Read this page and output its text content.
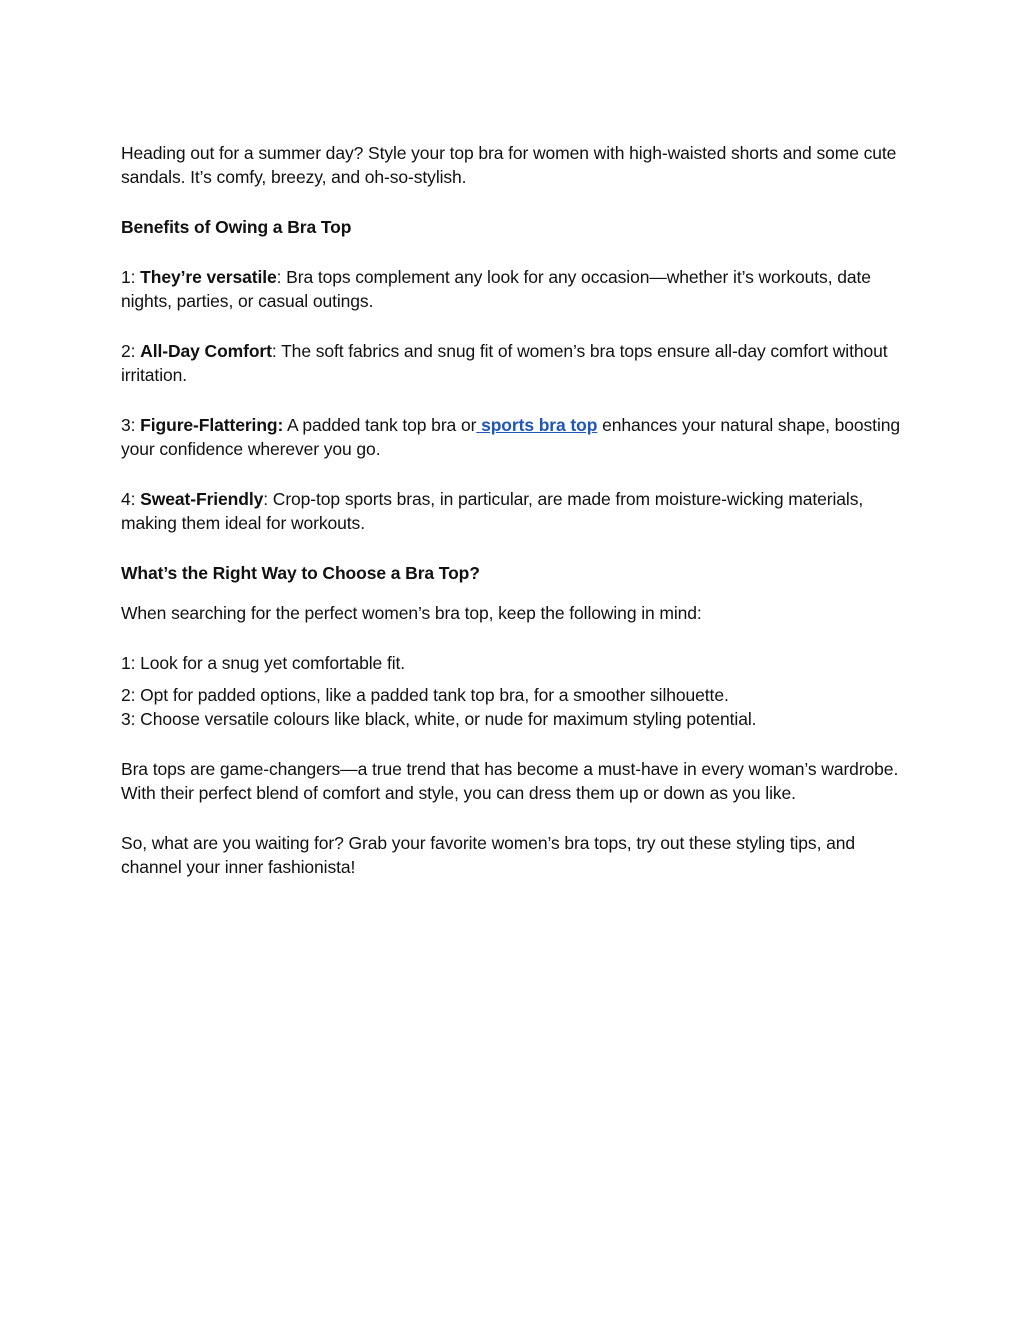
Heading out for a summer day? Style your top bra for women with high-waisted shorts and some cute sandals. It’s comfy, breezy, and oh-so-stylish.

Benefits of Owing a Bra Top

1: They’re versatile: Bra tops complement any look for any occasion—whether it’s workouts, date nights, parties, or casual outings.

2: All-Day Comfort: The soft fabrics and snug fit of women’s bra tops ensure all-day comfort without irritation.

3: Figure-Flattering: A padded tank top bra or sports bra top enhances your natural shape, boosting your confidence wherever you go.

4: Sweat-Friendly: Crop-top sports bras, in particular, are made from moisture-wicking materials, making them ideal for workouts.

What’s the Right Way to Choose a Bra Top?

When searching for the perfect women’s bra top, keep the following in mind:

1: Look for a snug yet comfortable fit.

2: Opt for padded options, like a padded tank top bra, for a smoother silhouette.

3: Choose versatile colours like black, white, or nude for maximum styling potential.

Bra tops are game-changers—a true trend that has become a must-have in every woman’s wardrobe. With their perfect blend of comfort and style, you can dress them up or down as you like.

So, what are you waiting for? Grab your favorite women’s bra tops, try out these styling tips, and channel your inner fashionista!
